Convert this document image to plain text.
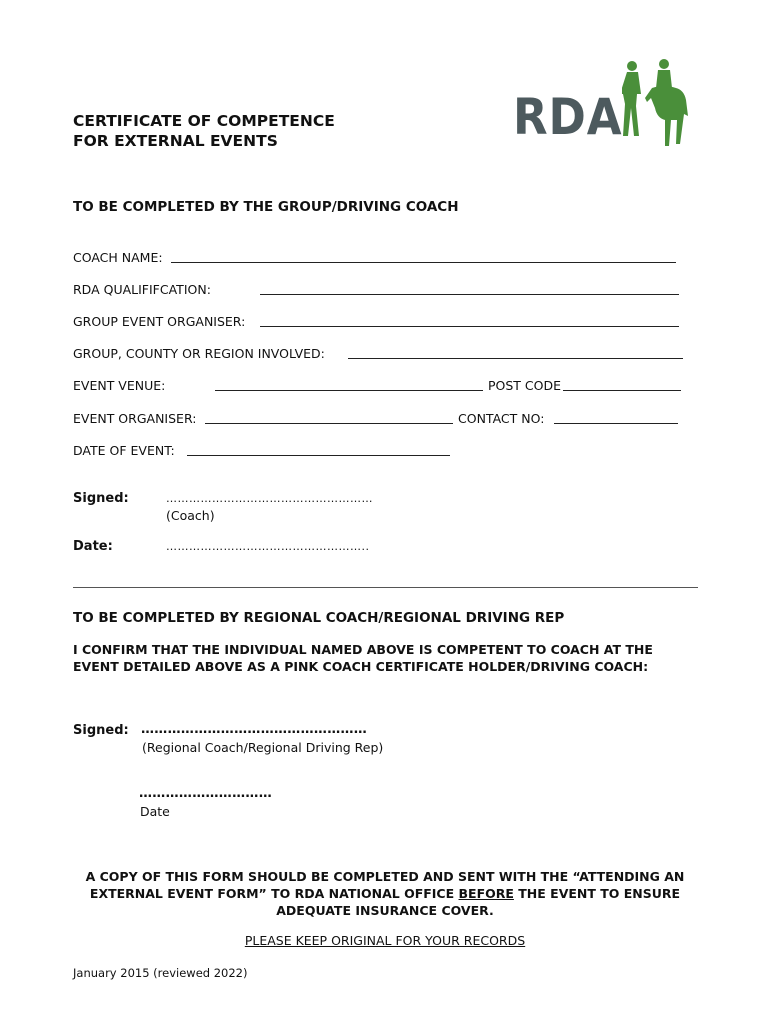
RDA
CERTIFICATE OF COMPETENCE
FOR EXTERNAL EVENTS
TO BE COMPLETED BY THE GROUP/DRIVING COACH
COACH NAME:
RDA QUALIFIFCATION:
GROUP EVENT ORGANISER:
GROUP, COUNTY OR REGION INVOLVED:
EVENT VENUE:	POST CODE
EVENT ORGANISER:	CONTACT NO:
DATE OF EVENT:
Signed:	………………………………………………
(Coach)
Date:	……………………………………………..
TO BE COMPLETED BY REGIONAL COACH/REGIONAL DRIVING REP
I CONFIRM THAT THE INDIVIDUAL NAMED ABOVE IS COMPETENT TO COACH AT THE
EVENT DETAILED ABOVE AS A PINK COACH CERTIFICATE HOLDER/DRIVING COACH:
Signed: ……………………………………………
(Regional Coach/Regional Driving Rep)
…………………………
Date
A COPY OF THIS FORM SHOULD BE COMPLETED AND SENT WITH THE “ATTENDING AN
EXTERNAL EVENT FORM” TO RDA NATIONAL OFFICE BEFORE THE EVENT TO ENSURE
ADEQUATE INSURANCE COVER.
PLEASE KEEP ORIGINAL FOR YOUR RECORDS
January 2015 (reviewed 2022)
